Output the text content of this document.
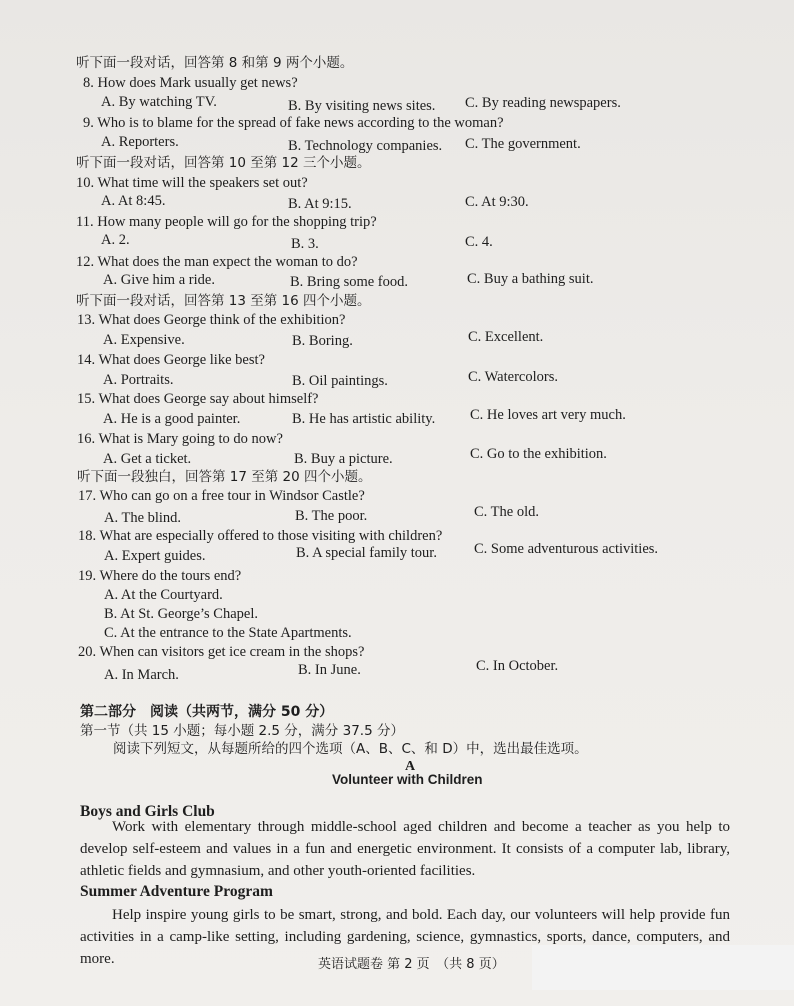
听下面一段对话，回答第 8 和第 9 两个小题。
8. How does Mark usually get news?
A. By watching TV.	B. By visiting news sites. C. By reading newspapers.
9. Who is to blame for the spread of fake news according to the woman?
A. Reporters.	B. Technology companies. C. The government.
听下面一段对话，回答第 10 至第 12 三个小题。
10. What time will the speakers set out?
A. At 8:45.	B. At 9:15.	C. At 9:30.
11. How many people will go for the shopping trip?
A. 2.	B. 3.	C. 4.
12. What does the man expect the woman to do?
A. Give him a ride.	B. Bring some food.	C. Buy a bathing suit.
听下面一段对话，回答第 13 至第 16 四个小题。
13. What does George think of the exhibition?
A. Expensive.	B. Boring.	C. Excellent.
14. What does George like best?
A. Portraits.	B. Oil paintings.	C. Watercolors.
15. What does George say about himself?
A. He is a good painter.	B. He has artistic ability. C. He loves art very much.
16. What is Mary going to do now?
A. Get a ticket.	B. Buy a picture.	C. Go to the exhibition.
听下面一段独白，回答第 17 至第 20 四个小题。
17. Who can go on a free tour in Windsor Castle?
A. The blind.	B. The poor.	C. The old.
18. What are especially offered to those visiting with children?
A. Expert guides.	B. A special family tour.	C. Some adventurous activities.
19. Where do the tours end?
A. At the Courtyard.
B. At St. George’s Chapel.
C. At the entrance to the State Apartments.
20. When can visitors get ice cream in the shops?
A. In March.	B. In June.	C. In October.
第二部分　阅读（共两节，满分 50 分）
第一节（共 15 小题；每小题 2.5 分，满分 37.5 分）
阅读下列短文，从每题所给的四个选项（A、B、C、和 D）中，选出最佳选项。
A
Volunteer with Children
Boys and Girls Club
Work with elementary through middle-school aged children and become a teacher as you help to develop self-esteem and values in a fun and energetic environment. It consists of a computer lab, library, athletic fields and gymnasium, and other youth-oriented facilities.
Summer Adventure Program
Help inspire young girls to be smart, strong, and bold. Each day, our volunteers will help provide fun activities in a camp-like setting, including gardening, science, gymnastics, sports, dance, computers, and more.	英语试题卷 第 2 页　（共 8 页）
